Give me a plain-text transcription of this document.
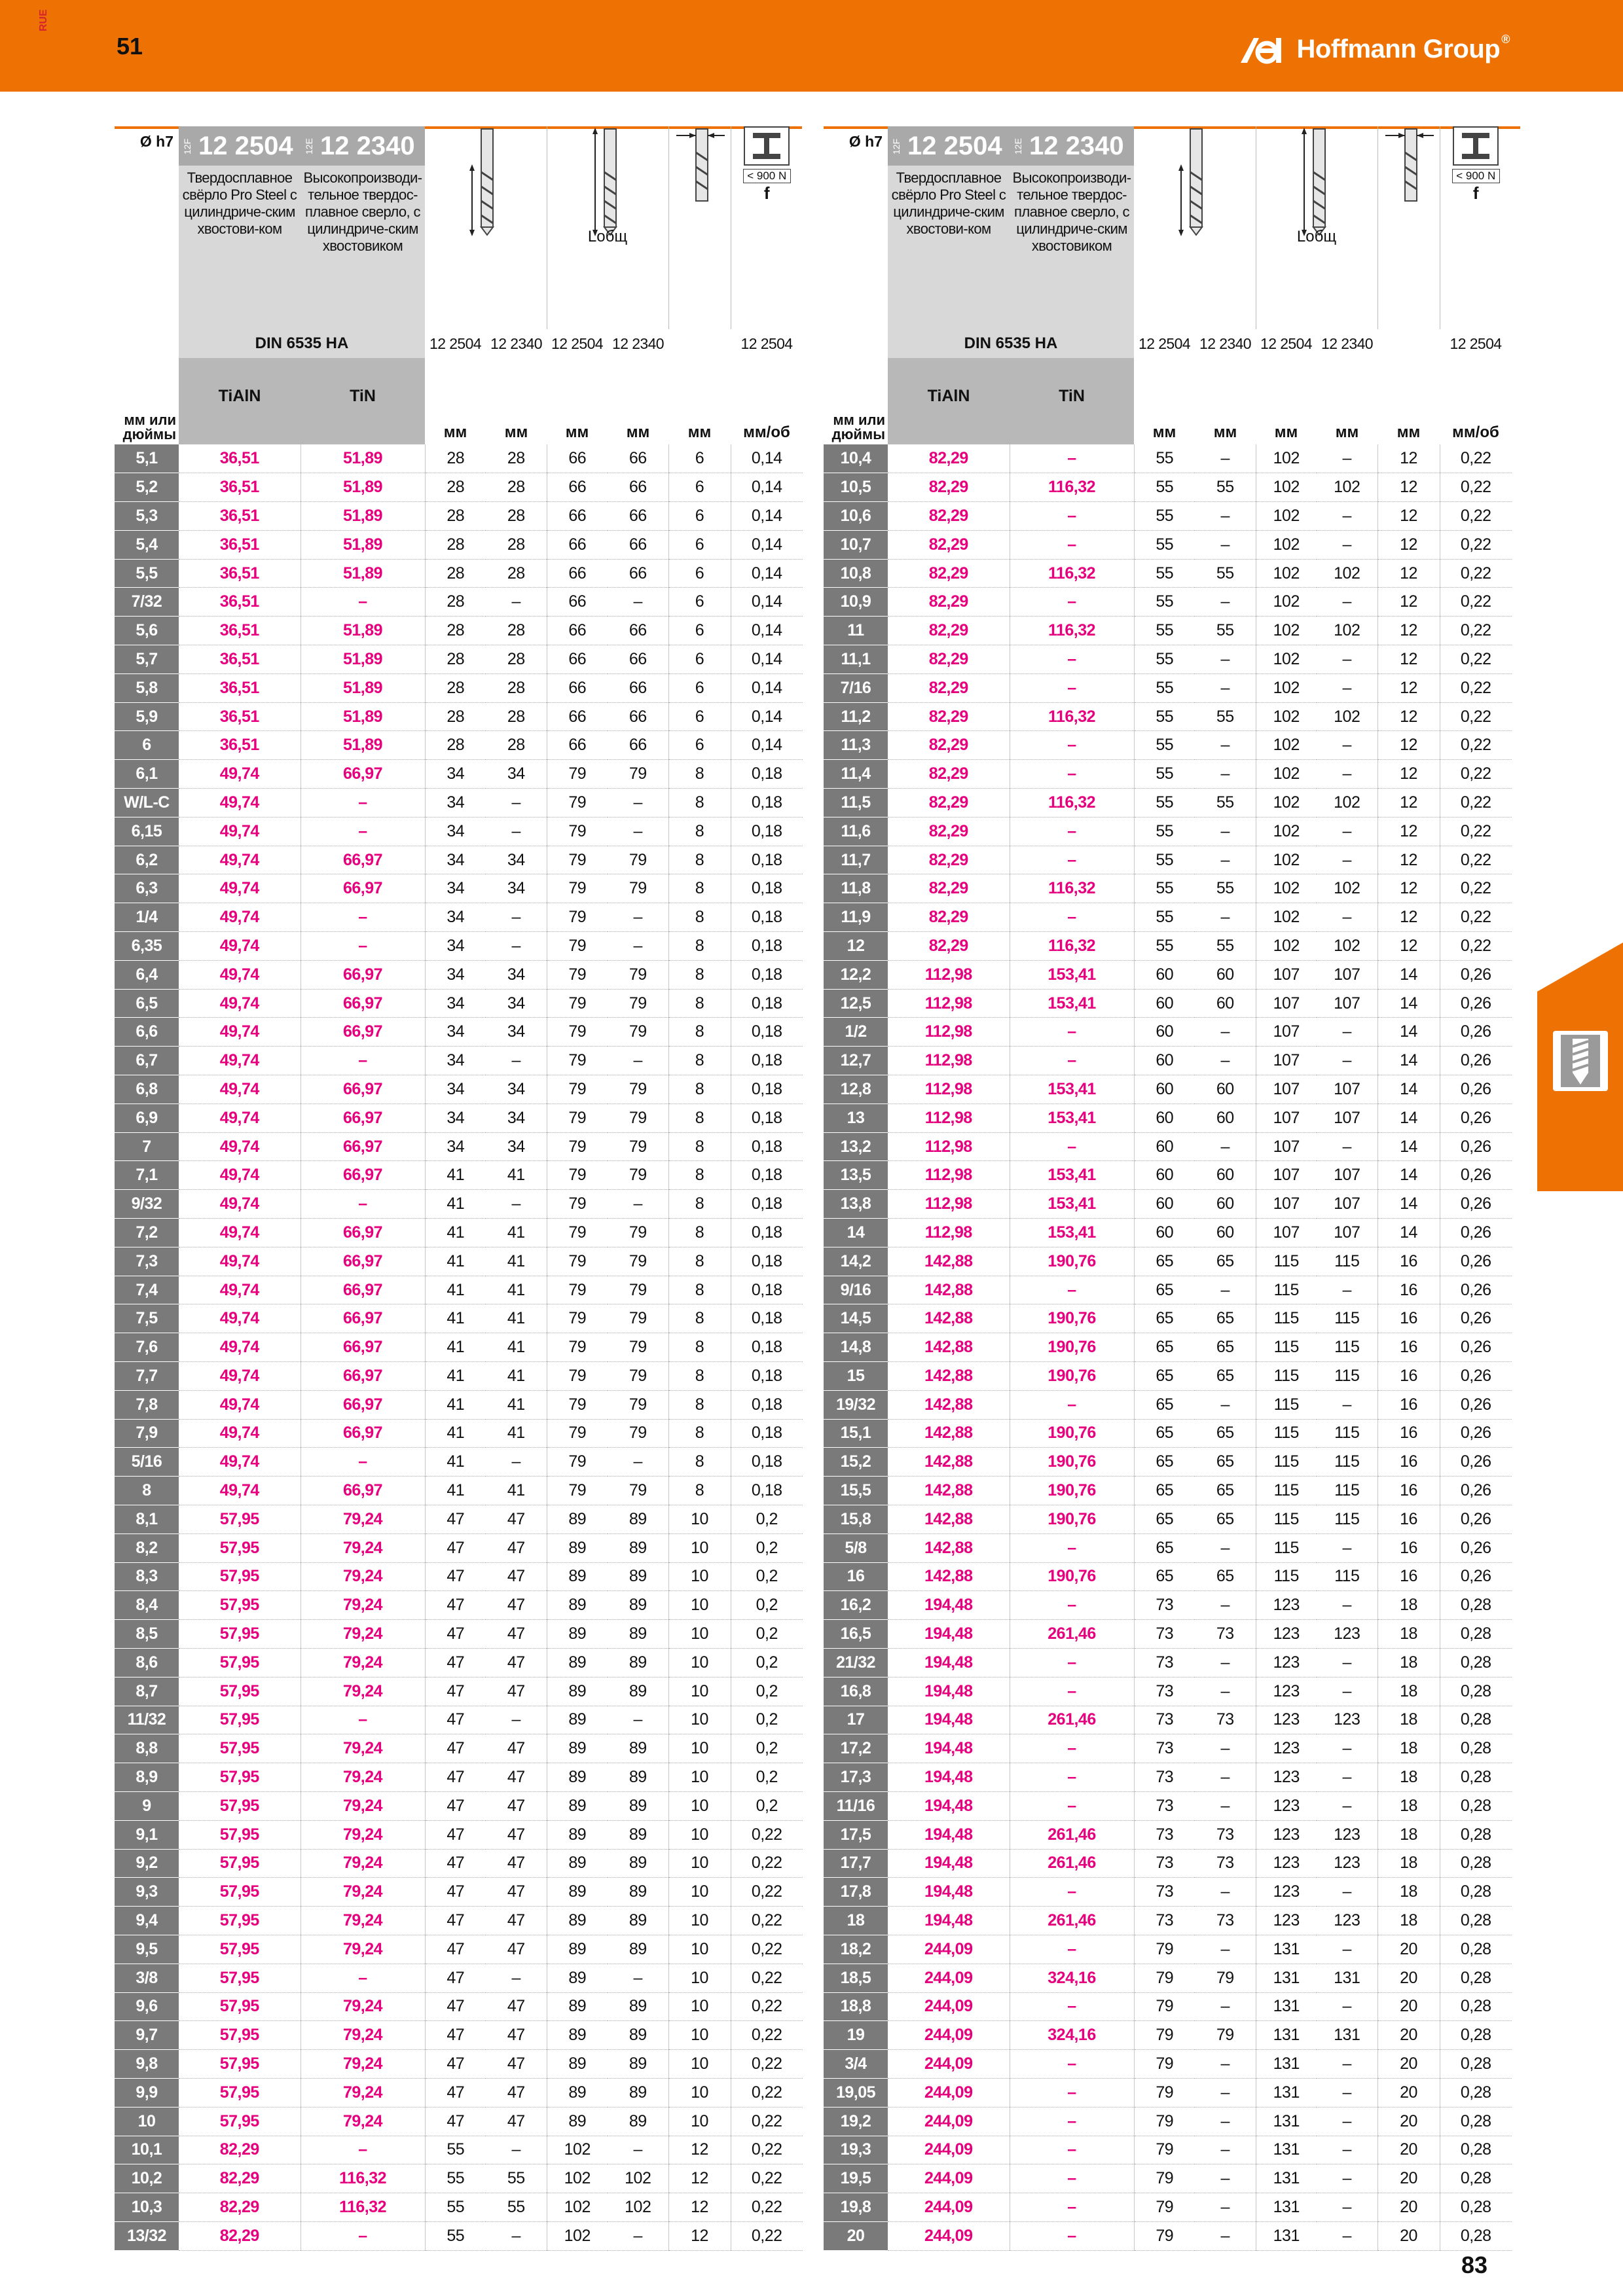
RUE
51	Hoffmann Group ®
Ø h7	12F 12 2504	12E 12 2340			Lобщ			< 900 N
f

	Твердосплавное свёрло Pro Steel с цилиндриче-ским хвостови-ком	Высокопроизводи-тельное твердос-плавное сверло, с цилиндриче-ским хвостовиком						
	DIN 6535 HA		12 2504	12 2340	12 2504	12 2340		12 2504
мм или дюймы	TiAlN	TiN	мм	мм	мм	мм	мм	мм/об
5,1	36,51	51,89	28	28	66	66	6	0,14
5,2	36,51	51,89	28	28	66	66	6	0,14
5,3	36,51	51,89	28	28	66	66	6	0,14
5,4	36,51	51,89	28	28	66	66	6	0,14
5,5	36,51	51,89	28	28	66	66	6	0,14
7/32	36,51	–	28	–	66	–	6	0,14
5,6	36,51	51,89	28	28	66	66	6	0,14
5,7	36,51	51,89	28	28	66	66	6	0,14
5,8	36,51	51,89	28	28	66	66	6	0,14
5,9	36,51	51,89	28	28	66	66	6	0,14
6	36,51	51,89	28	28	66	66	6	0,14
6,1	49,74	66,97	34	34	79	79	8	0,18
W/L-C	49,74	–	34	–	79	–	8	0,18
6,15	49,74	–	34	–	79	–	8	0,18
6,2	49,74	66,97	34	34	79	79	8	0,18
6,3	49,74	66,97	34	34	79	79	8	0,18
1/4	49,74	–	34	–	79	–	8	0,18
6,35	49,74	–	34	–	79	–	8	0,18
6,4	49,74	66,97	34	34	79	79	8	0,18
6,5	49,74	66,97	34	34	79	79	8	0,18
6,6	49,74	66,97	34	34	79	79	8	0,18
6,7	49,74	–	34	–	79	–	8	0,18
6,8	49,74	66,97	34	34	79	79	8	0,18
6,9	49,74	66,97	34	34	79	79	8	0,18
7	49,74	66,97	34	34	79	79	8	0,18
7,1	49,74	66,97	41	41	79	79	8	0,18
9/32	49,74	–	41	–	79	–	8	0,18
7,2	49,74	66,97	41	41	79	79	8	0,18
7,3	49,74	66,97	41	41	79	79	8	0,18
7,4	49,74	66,97	41	41	79	79	8	0,18
7,5	49,74	66,97	41	41	79	79	8	0,18
7,6	49,74	66,97	41	41	79	79	8	0,18
7,7	49,74	66,97	41	41	79	79	8	0,18
7,8	49,74	66,97	41	41	79	79	8	0,18
7,9	49,74	66,97	41	41	79	79	8	0,18
5/16	49,74	–	41	–	79	–	8	0,18
8	49,74	66,97	41	41	79	79	8	0,18
8,1	57,95	79,24	47	47	89	89	10	0,2
8,2	57,95	79,24	47	47	89	89	10	0,2
8,3	57,95	79,24	47	47	89	89	10	0,2
8,4	57,95	79,24	47	47	89	89	10	0,2
8,5	57,95	79,24	47	47	89	89	10	0,2
8,6	57,95	79,24	47	47	89	89	10	0,2
8,7	57,95	79,24	47	47	89	89	10	0,2
11/32	57,95	–	47	–	89	–	10	0,2
8,8	57,95	79,24	47	47	89	89	10	0,2
8,9	57,95	79,24	47	47	89	89	10	0,2
9	57,95	79,24	47	47	89	89	10	0,2
9,1	57,95	79,24	47	47	89	89	10	0,22
9,2	57,95	79,24	47	47	89	89	10	0,22
9,3	57,95	79,24	47	47	89	89	10	0,22
9,4	57,95	79,24	47	47	89	89	10	0,22
9,5	57,95	79,24	47	47	89	89	10	0,22
3/8	57,95	–	47	–	89	–	10	0,22
9,6	57,95	79,24	47	47	89	89	10	0,22
9,7	57,95	79,24	47	47	89	89	10	0,22
9,8	57,95	79,24	47	47	89	89	10	0,22
9,9	57,95	79,24	47	47	89	89	10	0,22
10	57,95	79,24	47	47	89	89	10	0,22
10,1	82,29	–	55	–	102	–	12	0,22
10,2	82,29	116,32	55	55	102	102	12	0,22
10,3	82,29	116,32	55	55	102	102	12	0,22
13/32	82,29	–	55	–	102	–	12	0,22
Ø h7	12F 12 2504	12E 12 2340			Lобщ			< 900 N
f

	Твердосплавное свёрло Pro Steel с цилиндриче-ским хвостови-ком	Высокопроизводи-тельное твердос-плавное сверло, с цилиндриче-ским хвостовиком						
	DIN 6535 HA		12 2504	12 2340	12 2504	12 2340		12 2504
мм или дюймы	TiAlN	TiN	мм	мм	мм	мм	мм	мм/об
10,4	82,29	–	55	–	102	–	12	0,22
10,5	82,29	116,32	55	55	102	102	12	0,22
10,6	82,29	–	55	–	102	–	12	0,22
10,7	82,29	–	55	–	102	–	12	0,22
10,8	82,29	116,32	55	55	102	102	12	0,22
10,9	82,29	–	55	–	102	–	12	0,22
11	82,29	116,32	55	55	102	102	12	0,22
11,1	82,29	–	55	–	102	–	12	0,22
7/16	82,29	–	55	–	102	–	12	0,22
11,2	82,29	116,32	55	55	102	102	12	0,22
11,3	82,29	–	55	–	102	–	12	0,22
11,4	82,29	–	55	–	102	–	12	0,22
11,5	82,29	116,32	55	55	102	102	12	0,22
11,6	82,29	–	55	–	102	–	12	0,22
11,7	82,29	–	55	–	102	–	12	0,22
11,8	82,29	116,32	55	55	102	102	12	0,22
11,9	82,29	–	55	–	102	–	12	0,22
12	82,29	116,32	55	55	102	102	12	0,22
12,2	112,98	153,41	60	60	107	107	14	0,26
12,5	112,98	153,41	60	60	107	107	14	0,26
1/2	112,98	–	60	–	107	–	14	0,26
12,7	112,98	–	60	–	107	–	14	0,26
12,8	112,98	153,41	60	60	107	107	14	0,26
13	112,98	153,41	60	60	107	107	14	0,26
13,2	112,98	–	60	–	107	–	14	0,26
13,5	112,98	153,41	60	60	107	107	14	0,26
13,8	112,98	153,41	60	60	107	107	14	0,26
14	112,98	153,41	60	60	107	107	14	0,26
14,2	142,88	190,76	65	65	115	115	16	0,26
9/16	142,88	–	65	–	115	–	16	0,26
14,5	142,88	190,76	65	65	115	115	16	0,26
14,8	142,88	190,76	65	65	115	115	16	0,26
15	142,88	190,76	65	65	115	115	16	0,26
19/32	142,88	–	65	–	115	–	16	0,26
15,1	142,88	190,76	65	65	115	115	16	0,26
15,2	142,88	190,76	65	65	115	115	16	0,26
15,5	142,88	190,76	65	65	115	115	16	0,26
15,8	142,88	190,76	65	65	115	115	16	0,26
5/8	142,88	–	65	–	115	–	16	0,26
16	142,88	190,76	65	65	115	115	16	0,26
16,2	194,48	–	73	–	123	–	18	0,28
16,5	194,48	261,46	73	73	123	123	18	0,28
21/32	194,48	–	73	–	123	–	18	0,28
16,8	194,48	–	73	–	123	–	18	0,28
17	194,48	261,46	73	73	123	123	18	0,28
17,2	194,48	–	73	–	123	–	18	0,28
17,3	194,48	–	73	–	123	–	18	0,28
11/16	194,48	–	73	–	123	–	18	0,28
17,5	194,48	261,46	73	73	123	123	18	0,28
17,7	194,48	261,46	73	73	123	123	18	0,28
17,8	194,48	–	73	–	123	–	18	0,28
18	194,48	261,46	73	73	123	123	18	0,28
18,2	244,09	–	79	–	131	–	20	0,28
18,5	244,09	324,16	79	79	131	131	20	0,28
18,8	244,09	–	79	–	131	–	20	0,28
19	244,09	324,16	79	79	131	131	20	0,28
3/4	244,09	–	79	–	131	–	20	0,28
19,05	244,09	–	79	–	131	–	20	0,28
19,2	244,09	–	79	–	131	–	20	0,28
19,3	244,09	–	79	–	131	–	20	0,28
19,5	244,09	–	79	–	131	–	20	0,28
19,8	244,09	–	79	–	131	–	20	0,28
20	244,09	–	79	–	131	–	20	0,28
83
